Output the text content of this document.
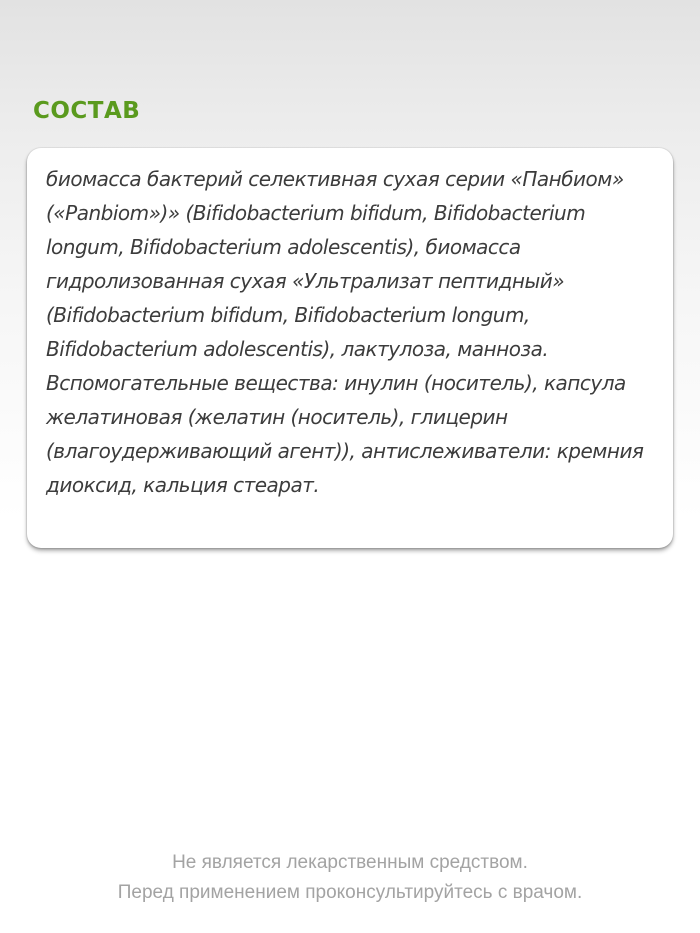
СОСТАВ

биомасса бактерий селективная сухая серии «Панбиом» («Panbiom»)» (Bifidobacterium bifidum, Bifidobacterium longum, Bifidobacterium adolescentis), биомасса гидролизованная сухая «Ультрализат пептидный» (Bifidobacterium bifidum, Bifidobacterium longum, Bifidobacterium adolescentis), лактулоза, манноза. Вспомогательные вещества: инулин (носитель), капсула желатиновая (желатин (носитель), глицерин (влагоудерживающий агент)), антислеживатели: кремния диоксид, кальция стеарат.

Не является лекарственным средством.
Перед применением проконсультируйтесь с врачом.
